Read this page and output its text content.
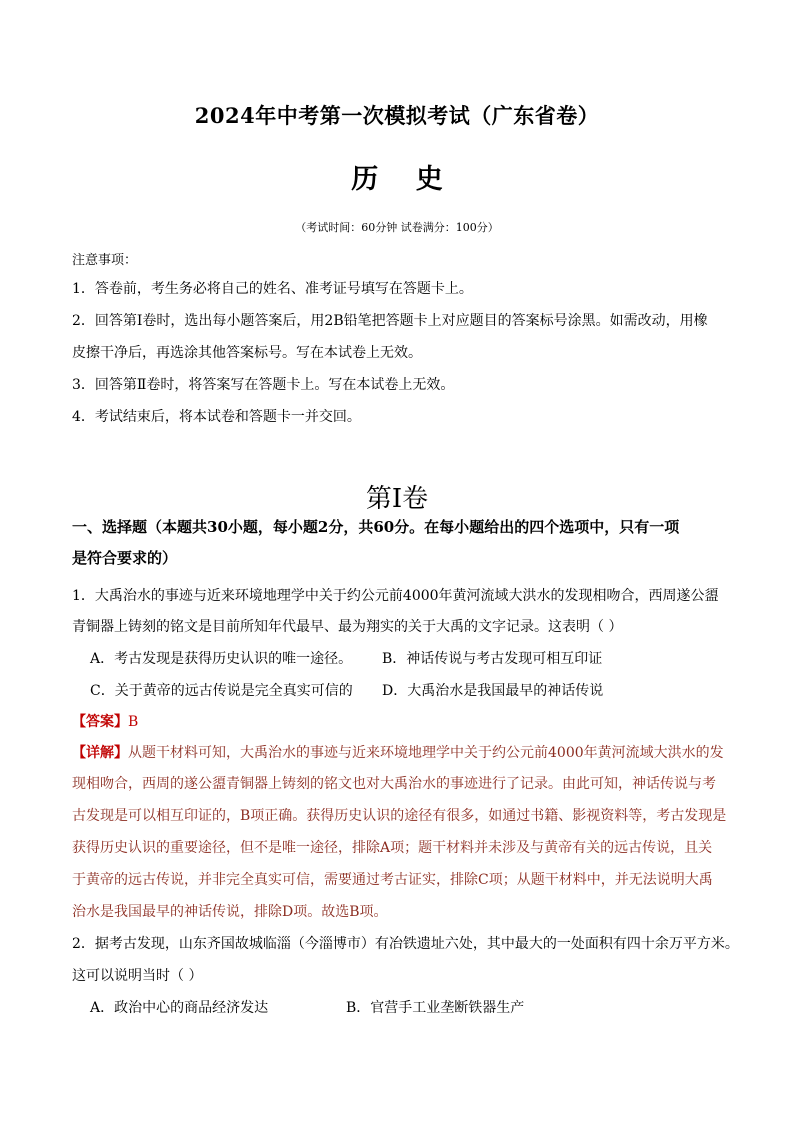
2024年中考第一次模拟考试（广东省卷）
历 史
（考试时间：60分钟 试卷满分：100分）
注意事项：
1．答卷前，考生务必将自己的姓名、准考证号填写在答题卡上。
2．回答第Ⅰ卷时，选出每小题答案后，用2B铅笔把答题卡上对应题目的答案标号涂黑。如需改动，用橡
皮擦干净后，再选涂其他答案标号。写在本试卷上无效。
3．回答第Ⅱ卷时，将答案写在答题卡上。写在本试卷上无效。
4．考试结束后，将本试卷和答题卡一并交回。
第Ⅰ卷
一、选择题（本题共30小题，每小题2分，共60分。在每小题给出的四个选项中，只有一项
是符合要求的）
1．大禹治水的事迹与近来环境地理学中关于约公元前4000年黄河流域大洪水的发现相吻合，西周遂公盨
青铜器上铸刻的铭文是目前所知年代最早、最为翔实的关于大禹的文字记录。这表明（ ）
A．考古发现是获得历史认识的唯一途径。 B．神话传说与考古发现可相互印证
C．关于黄帝的远古传说是完全真实可信的 D．大禹治水是我国最早的神话传说
【答案】B
【详解】从题干材料可知，大禹治水的事迹与近来环境地理学中关于约公元前4000年黄河流域大洪水的发
现相吻合，西周的遂公盨青铜器上铸刻的铭文也对大禹治水的事迹进行了记录。由此可知，神话传说与考
古发现是可以相互印证的，B项正确。获得历史认识的途径有很多，如通过书籍、影视资料等，考古发现是
获得历史认识的重要途径，但不是唯一途径，排除A项；题干材料并未涉及与黄帝有关的远古传说，且关
于黄帝的远古传说，并非完全真实可信，需要通过考古证实，排除C项；从题干材料中，并无法说明大禹
治水是我国最早的神话传说，排除D项。故选B项。
2．据考古发现，山东齐国故城临淄（今淄博市）有冶铁遗址六处，其中最大的一处面积有四十余万平方米。
这可以说明当时（ ）
A．政治中心的商品经济发达	B．官营手工业垄断铁器生产
